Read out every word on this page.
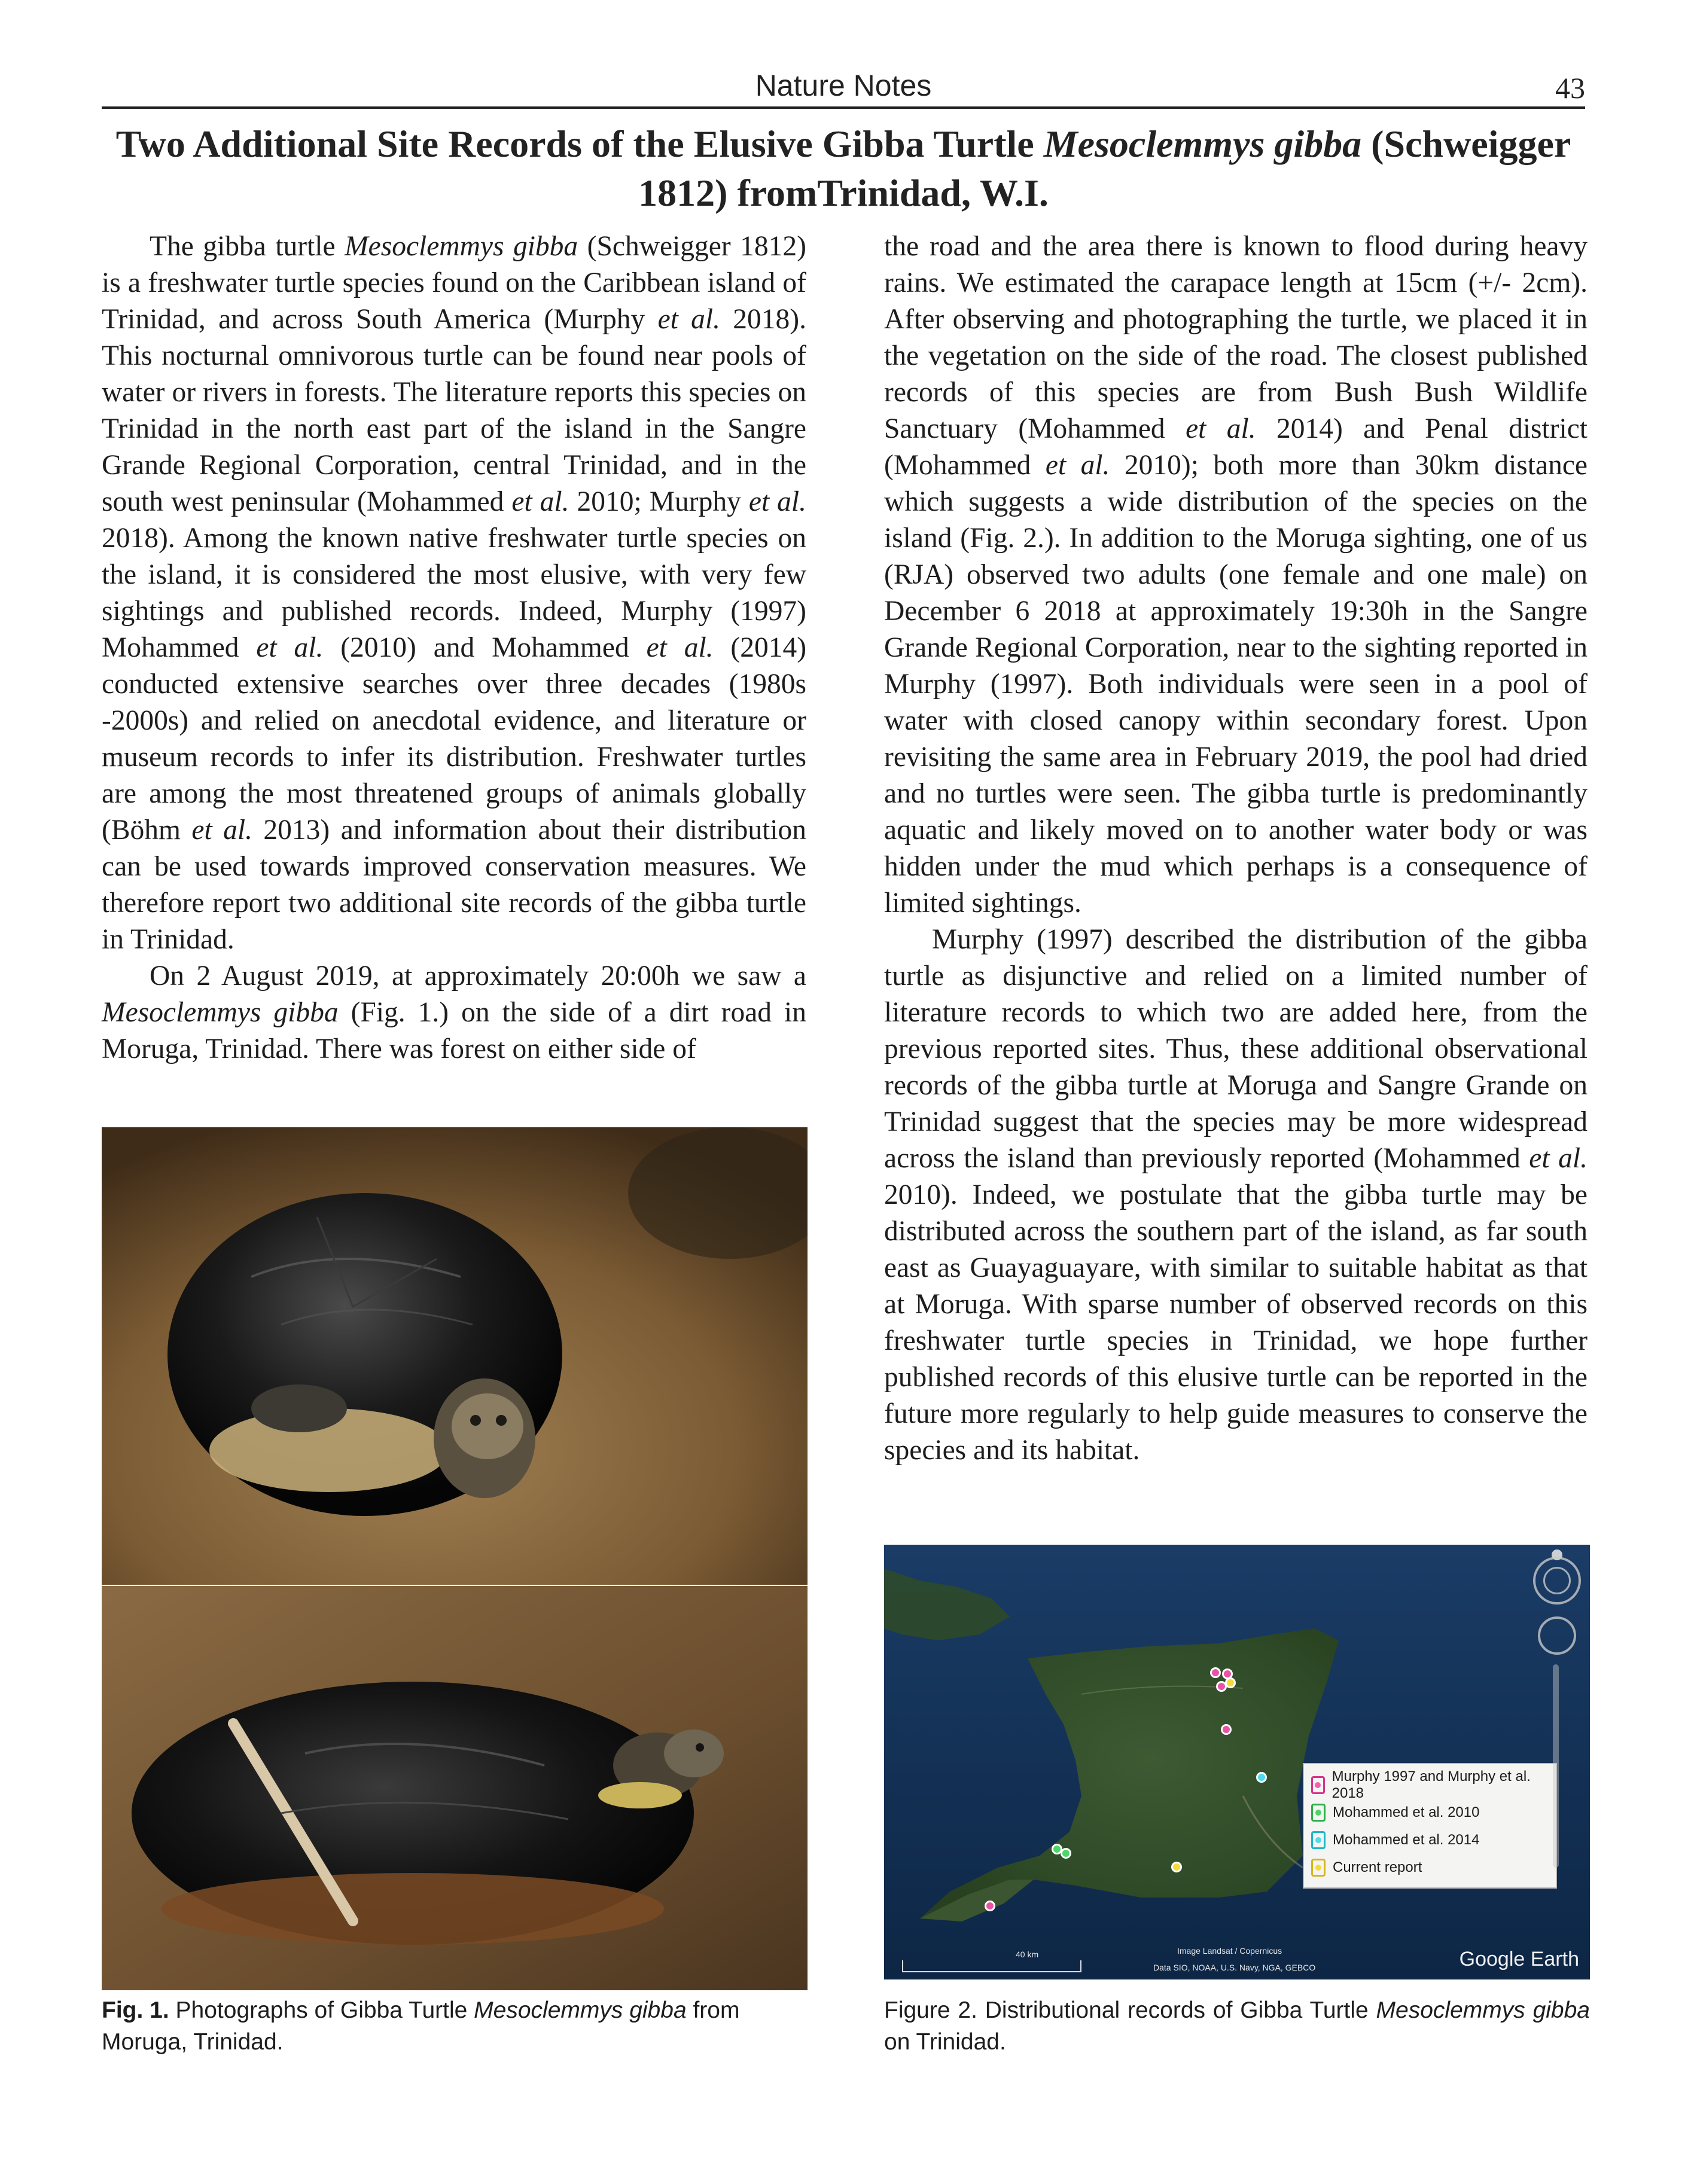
Nature Notes	43
Two Additional Site Records of the Elusive Gibba Turtle Mesoclemmys gibba (Schweigger
1812) fromTrinidad, W.I.

The gibba turtle Mesoclemmys gibba (Schweigger 1812) is a freshwater turtle species found on the Caribbean island of Trinidad, and across South America (Murphy et al. 2018). This nocturnal omnivorous turtle can be found near pools of water or rivers in forests. The literature reports this species on Trinidad in the north east part of the island in the Sangre Grande Regional Corporation, central Trinidad, and in the south west peninsular (Mohammed et al. 2010; Murphy et al. 2018). Among the known native freshwater turtle species on the island, it is considered the most elusive, with very few sightings and published records. Indeed, Murphy (1997) Mohammed et al. (2010) and Mohammed et al. (2014) conducted extensive searches over three decades (1980s -2000s) and relied on anecdotal evidence, and literature or museum records to infer its distribution. Freshwater turtles are among the most threatened groups of animals globally (Böhm et al. 2013) and information about their distribution can be used towards improved conservation measures. We therefore report two additional site records of the gibba turtle in Trinidad.

On 2 August 2019, at approximately 20:00h we saw a Mesoclemmys gibba (Fig. 1.) on the side of a dirt road in Moruga, Trinidad. There was forest on either side of

the road and the area there is known to flood during heavy rains. We estimated the carapace length at 15cm (+/- 2cm). After observing and photographing the turtle, we placed it in the vegetation on the side of the road. The closest published records of this species are from Bush Bush Wildlife Sanctuary (Mohammed et al. 2014) and Penal district (Mohammed et al. 2010); both more than 30km distance which suggests a wide distribution of the species on the island (Fig. 2.). In addition to the Moruga sighting, one of us (RJA) observed two adults (one female and one male) on December 6 2018 at approximately 19:30h in the Sangre Grande Regional Corporation, near to the sighting reported in Murphy (1997). Both individuals were seen in a pool of water with closed canopy within secondary forest. Upon revisiting the same area in February 2019, the pool had dried and no turtles were seen. The gibba turtle is predominantly aquatic and likely moved on to another water body or was hidden under the mud which perhaps is a consequence of limited sightings.

Murphy (1997) described the distribution of the gibba turtle as disjunctive and relied on a limited number of literature records to which two are added here, from the previous reported sites. Thus, these additional observational records of the gibba turtle at Moruga and Sangre Grande on Trinidad suggest that the species may be more widespread across the island than previously reported (Mohammed et al. 2010). Indeed, we postulate that the gibba turtle may be distributed across the southern part of the island, as far south east as Guayaguayare, with similar to suitable habitat as that at Moruga. With sparse number of observed records on this freshwater turtle species in Trinidad, we hope further published records of this elusive turtle can be reported in the future more regularly to help guide measures to conserve the species and its habitat.

Murphy 1997 and Murphy et al. 2018
Mohammed et al. 2010
Mohammed et al. 2014
Current report
40 km	Image Landsat / Copernicus
Data SIO, NOAA, U.S. Navy, NGA, GEBCO	Google Earth
Fig. 1. Photographs of Gibba Turtle Mesoclemmys gibba from Moruga, Trinidad.
Figure 2. Distributional records of Gibba Turtle Mesoclemmys gibba on Trinidad.
